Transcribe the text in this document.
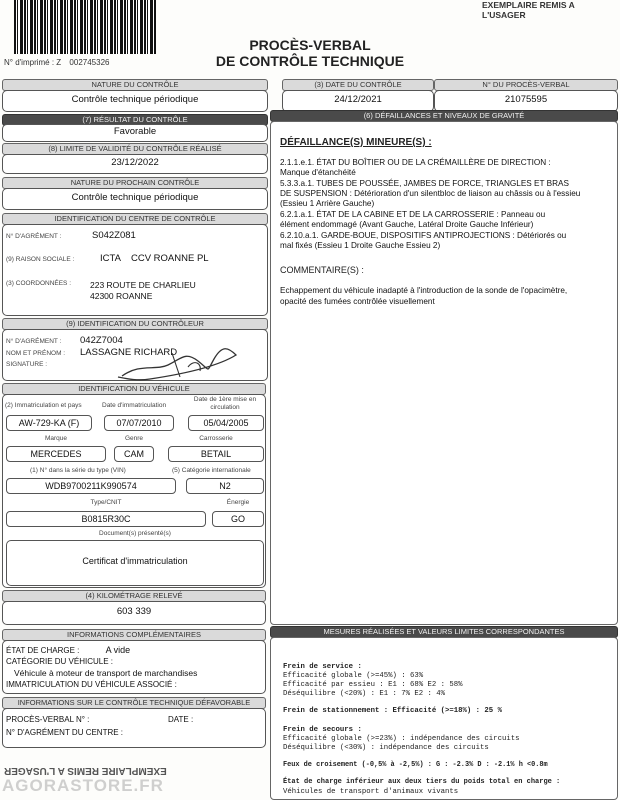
EXEMPLAIRE REMIS A L'USAGER
N° d'imprimé : Z 002745326
PROCÈS-VERBAL
DE CONTRÔLE TECHNIQUE
NATURE DU CONTRÔLE
Contrôle technique périodique
(3) DATE DU CONTRÔLE
24/12/2021
N° DU PROCÈS-VERBAL
21075595
(7) RÉSULTAT DU CONTRÔLE
Favorable
(8) LIMITE DE VALIDITÉ DU CONTRÔLE RÉALISÉ
23/12/2022
NATURE DU PROCHAIN CONTRÔLE
Contrôle technique périodique
IDENTIFICATION DU CENTRE DE CONTRÔLE
N° D'AGRÉMENT :	S042Z081
(9) RAISON SOCIALE :	ICTA    CCV ROANNE PL
(3) COORDONNÉES : 223 ROUTE DE CHARLIEU
42300 ROANNE
(9) IDENTIFICATION DU CONTRÔLEUR
N° D'AGRÉMENT : 042Z7004
NOM ET PRÉNOM : LASSAGNE RICHARD
SIGNATURE :
IDENTIFICATION DU VÉHICULE
(2) Immatriculation et pays	Date d'immatriculation
Date de 1ère mise en circulation
AW-729-KA (F)	07/07/2010	05/04/2005
Marque	Genre	Carrosserie
MERCEDES	CAM	BETAIL
(1) N° dans la série du type (VIN)	(5) Catégorie internationale
WDB9700211K990574	N2
Type/CNIT	Énergie
B0815R30C	GO
Document(s) présenté(s)
Certificat d'immatriculation
(4) KILOMÉTRAGE RELEVÉ
603 339
INFORMATIONS COMPLÉMENTAIRES
ÉTAT DE CHARGE :	A vide
CATÉGORIE DU VÉHICULE :
Véhicule à moteur de transport de marchandises
IMMATRICULATION DU VÉHICULE ASSOCIÉ :
INFORMATIONS SUR LE CONTRÔLE TECHNIQUE DÉFAVORABLE
PROCÈS-VERBAL N° :	DATE :
N° D'AGRÉMENT DU CENTRE :
EXEMPLAIRE REMIS A L'USAGER
AGORASTORE.FR
(6) DÉFAILLANCES ET NIVEAUX DE GRAVITÉ
DÉFAILLANCE(S) MINEURE(S) :
2.1.1.e.1. ÉTAT DU BOÎTIER OU DE LA CRÉMAILLÈRE DE DIRECTION :
Manque d'étanchéité
5.3.3.a.1. TUBES DE POUSSÉE, JAMBES DE FORCE, TRIANGLES ET BRAS
DE SUSPENSION : Détérioration d'un silentbloc de liaison au châssis ou à l'essieu
(Essieu 1 Arrière Gauche)
6.2.1.a.1. ÉTAT DE LA CABINE ET DE LA CARROSSERIE : Panneau ou
élément endommagé (Avant Gauche, Latéral Droite Gauche Inférieur)
6.2.10.a.1. GARDE-BOUE, DISPOSITIFS ANTIPROJECTIONS : Détériorés ou
mal fixés (Essieu 1 Droite Gauche Essieu 2)
COMMENTAIRE(S) :
Echappement du véhicule inadapté à l'introduction de la sonde de l'opacimètre,
opacité des fumées contrôlée visuellement
MESURES RÉALISÉES ET VALEURS LIMITES CORRESPONDANTES
Frein de service :
Efficacité globale (>=45%) : 63%
Efficacité par essieu : E1 : 68% E2 : 58%
Déséquilibre (<20%) : E1 : 7% E2 : 4%
Frein de stationnement : Efficacité (>=18%) : 25 %
Frein de secours :
Efficacité globale (>=23%) : indépendance des circuits
Déséquilibre (<30%) : indépendance des circuits
Feux de croisement (-0,5% à -2,5%) : G : -2.3% D : -2.1% h <0.8m
État de charge inférieur aux deux tiers du poids total en charge :
Véhicules de transport d'animaux vivants
